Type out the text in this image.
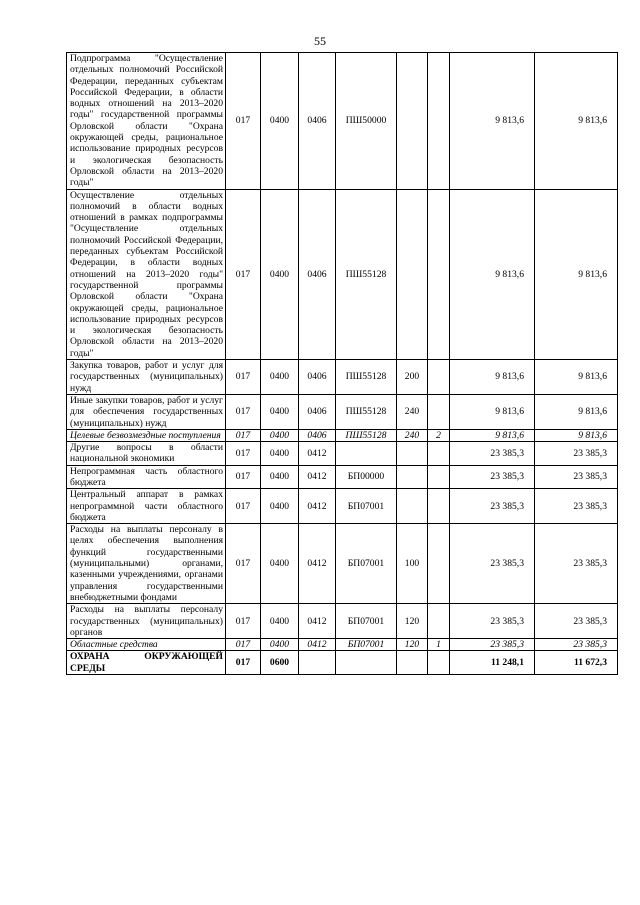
55
Подпрограмма "Осуществление отдельных полномочий Российской Федерации, переданных субъектам Российской Федерации, в области водных отношений на 2013–2020 годы" государственной программы Орловской области "Охрана окружающей среды, рациональное использование природных ресурсов и экологическая безопасность Орловской области на 2013–2020 годы"	017	0400	0406	ПШ50000			9 813,6	9 813,6
Осуществление отдельных полномочий в области водных отношений в рамках подпрограммы "Осуществление отдельных полномочий Российской Федерации, переданных субъектам Российской Федерации, в области водных отношений на 2013–2020 годы" государственной программы Орловской области "Охрана окружающей среды, рациональное использование природных ресурсов и экологическая безопасность Орловской области на 2013–2020 годы"	017	0400	0406	ПШ55128			9 813,6	9 813,6
Закупка товаров, работ и услуг для государственных (муниципальных) нужд	017	0400	0406	ПШ55128	200		9 813,6	9 813,6
Иные закупки товаров, работ и услуг для обеспечения государственных (муниципальных) нужд	017	0400	0406	ПШ55128	240		9 813,6	9 813,6
Целевые безвозмездные поступления	017	0400	0406	ПШ55128	240	2	9 813,6	9 813,6
Другие вопросы в области национальной экономики	017	0400	0412				23 385,3	23 385,3
Непрограммная часть областного бюджета	017	0400	0412	БП00000			23 385,3	23 385,3
Центральный аппарат в рамках непрограммной части областного бюджета	017	0400	0412	БП07001			23 385,3	23 385,3
Расходы на выплаты персоналу в целях обеспечения выполнения функций государственными (муниципальными) органами, казенными учреждениями, органами управления государственными внебюджетными фондами	017	0400	0412	БП07001	100		23 385,3	23 385,3
Расходы на выплаты персоналу государственных (муниципальных) органов	017	0400	0412	БП07001	120		23 385,3	23 385,3
Областные средства	017	0400	0412	БП07001	120	1	23 385,3	23 385,3
ОХРАНА ОКРУЖАЮЩЕЙ СРЕДЫ	017	0600					11 248,1	11 672,3
